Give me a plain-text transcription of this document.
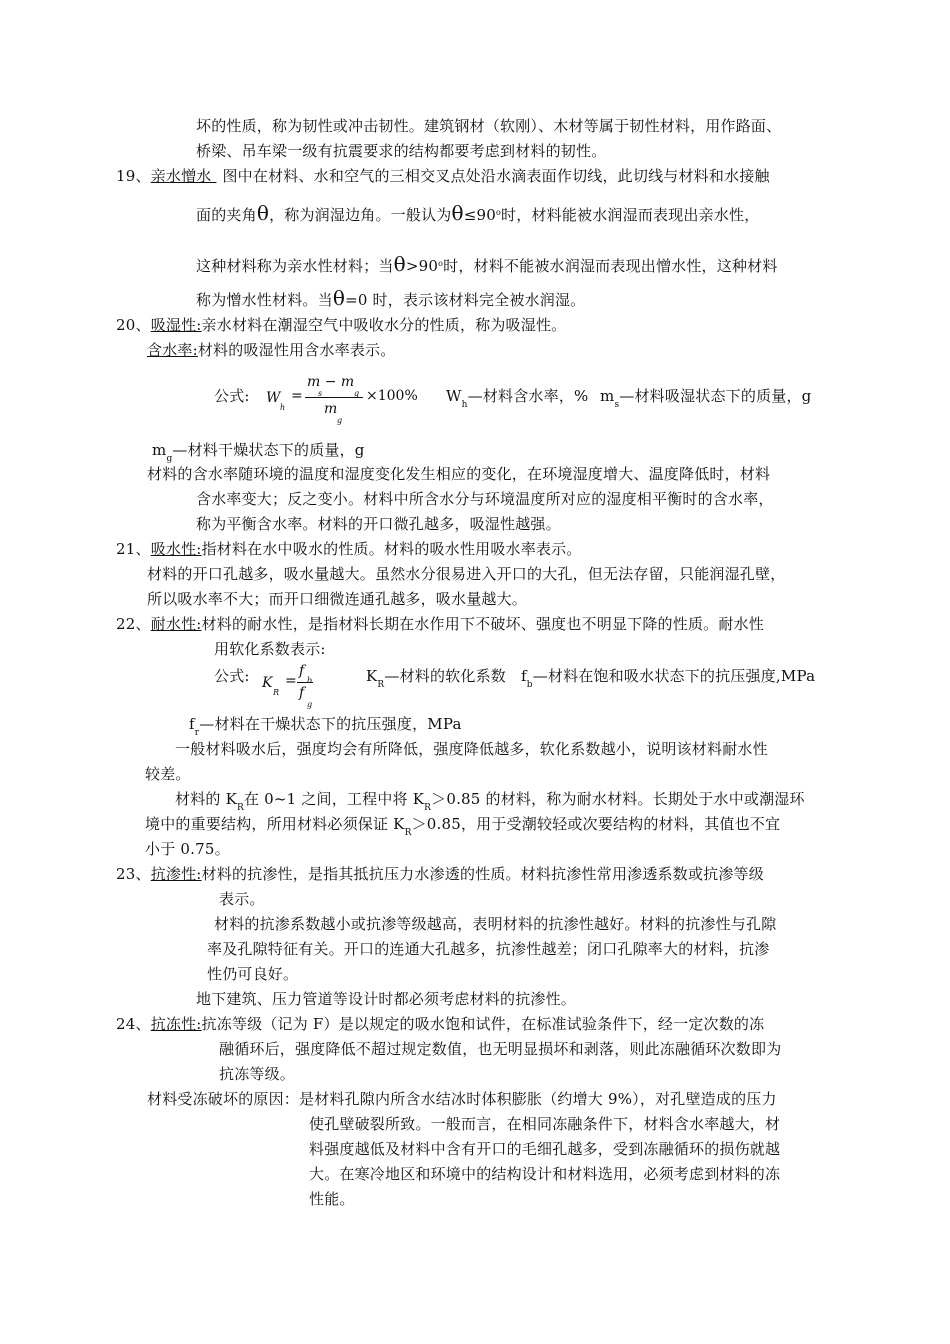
坏的性质，称为韧性或冲击韧性。建筑钢材（软刚）、木材等属于韧性材料，用作路面、
桥梁、吊车梁一级有抗震要求的结构都要考虑到材料的韧性。
19、亲水憎水 图中在材料、水和空气的三相交叉点处沿水滴表面作切线，此切线与材料和水接触
面的夹角θ，称为润湿边角。一般认为$\theta\le 90^o$时，材料能被水润湿而表现出亲水性，
这种材料称为亲水性材料；当$\theta>90^o$时，材料不能被水润湿而表现出憎水性，这种材料
称为憎水性材料。当θ=0 时，表示该材料完全被水润湿。
20、吸湿性:亲水材料在潮湿空气中吸收水分的性质，称为吸湿性。
含水率:材料的吸湿性用含水率表示。
公式: W
h
=
m − m
s	g
m
g
×100% $W_h—$材料含水率，% $m_s—$材料吸湿状态下的质量，g
$m_g—$材料干燥状态下的质量，g
材料的含水率随环境的温度和湿度变化发生相应的变化，在环境湿度增大、温度降低时，材料
含水率变大；反之变小。材料中所含水分与环境温度所对应的湿度相平衡时的含水率，
称为平衡含水率。材料的开口微孔越多，吸湿性越强。
21、吸水性:指材料在水中吸水的性质。材料的吸水性用吸水率表示。
材料的开口孔越多，吸水量越大。虽然水分很易进入开口的大孔，但无法存留，只能润湿孔壁，
所以吸水率不大；而开口细微连通孔越多，吸水量越大。
22、耐水性:材料的耐水性，是指材料长期在水作用下不破坏、强度也不明显下降的性质。耐水性
用软化系数表示:
公式: K
R
=
f
b
f
g
$K_R—$材料的软化系数 $f_b—$材料在饱和吸水状态下的抗压强度,MPa
$f_r—$材料在干燥状态下的抗压强度，MPa
一般材料吸水后，强度均会有所降低，强度降低越多，软化系数越小，说明该材料耐水性
较差。
材料的 $K_R$在 0~1 之间，工程中将 $K_R>0.85$ 的材料，称为耐水材料。长期处于水中或潮湿环
境中的重要结构，所用材料必须保证 $K_R>0.85$，用于受潮较轻或次要结构的材料，其值也不宜
小于 0.75。
23、抗渗性:材料的抗渗性，是指其抵抗压力水渗透的性质。材料抗渗性常用渗透系数或抗渗等级
表示。
材料的抗渗系数越小或抗渗等级越高，表明材料的抗渗性越好。材料的抗渗性与孔隙
率及孔隙特征有关。开口的连通大孔越多，抗渗性越差；闭口孔隙率大的材料，抗渗
性仍可良好。
地下建筑、压力管道等设计时都必须考虑材料的抗渗性。
24、抗冻性:抗冻等级（记为 F）是以规定的吸水饱和试件，在标准试验条件下，经一定次数的冻
融循环后，强度降低不超过规定数值，也无明显损坏和剥落，则此冻融循环次数即为
抗冻等级。
材料受冻破坏的原因：是材料孔隙内所含水结冰时体积膨胀（约增大 9%），对孔壁造成的压力
使孔壁破裂所致。一般而言，在相同冻融条件下，材料含水率越大，材
料强度越低及材料中含有开口的毛细孔越多，受到冻融循环的损伤就越
大。在寒冷地区和环境中的结构设计和材料选用，必须考虑到材料的冻
性能。
